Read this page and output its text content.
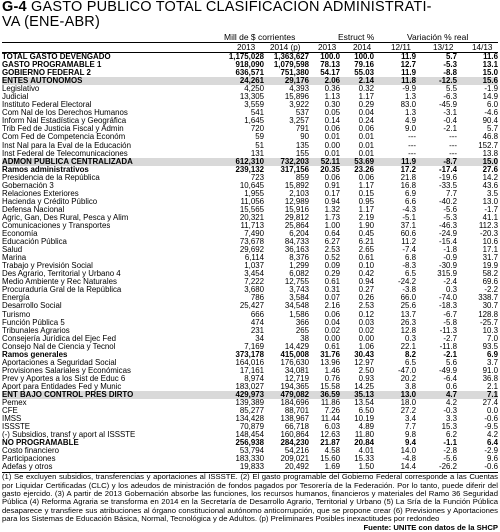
G-4 GASTO PÚBLICO TOTAL CLASIFICACIÓN ADMINISTRATI-
VA (ENE-ABR)
Mill de $ corrientes	Estruct %	Variación % real
2013 2014 (p) 2013 2014 12/11	13/12 14/13
TOTAL GASTO DEVENGADO	1,175,028	1,363,627	100.0	100.0	11.9	5.7	11.6
GASTO PROGRAMABLE 1	918,090	1,079,598	78.13	79.16	12.7	-5.3	13.1
GOBIERNO FEDERAL 2	636,571	751,380	54.17	55.03	11.9	-8.8	15.0
ENTES AUTÓNOMOS	24,261	29,176	2.06	2.14	11.8	-12.5	15.6
Legislativo	4,250	4,393	0.36	0.32	-9.9	5.5	-1.9
Judicial	13,305	15,896	1.13	1.17	1.3	-6.3	14.9
Instituto Federal Electoral	3,559	3,922	0.30	0.29	83.0	-45.9	6.0
Com Nal de los Derechos Humanos	541	537	0.05	0.04	1.3	-3.1	-4.6
Inform Nal Estadística y Geográfica	1,645	3,257	0.14	0.24	4.9	-0.4	90.4
Trib Fed de Justicia Fiscal y Admin	720	791	0.06	0.06	9.0	-2.1	5.7
Com Fed de Competencia Económ	59	90	0.01	0.01	---	---	46.8
Inst Nal para la Eval de la Educación	51	135	0.00	0.01	---	---	152.7
Inst Federal de Telecomunicaciones	131	155	0.01	0.01	---	---	13.8
ADMÓN PÚBLICA CENTRALIZADA	612,310	732,203	52.11	53.69	11.9	-8.7	15.0
Ramos administrativos	239,132	317,156	20.35	23.26	17.2	-17.4	27.6
Presidencia de la República	723	859	0.06	0.06	21.8	-19.6	14.2
Gobernación 3	10,645	15,892	0.91	1.17	16.8	-33.5	43.6
Relaciones Exteriores	1,955	2,103	0.17	0.15	6.9	7.7	3.5
Hacienda y Crédito Público	11,056	12,989	0.94	0.95	6.6	-40.2	13.0
Defensa Nacional	15,565	15,916	1.32	1.17	-4.3	-5.6	-1.7
Agric, Gan, Des Rural, Pesca y Alim	20,321	29,812	1.73	2.19	-5.1	-5.3	41.1
Comunicaciones y Transportes	11,713	25,864	1.00	1.90	37.1	-46.3	112.3
Economía	7,490	6,204	0.64	0.45	60.6	-24.9	-20.3
Educación Pública	73,678	84,733	6.27	6.21	11.2	-15.4	10.6
Salud	29,692	36,163	2.53	2.65	-7.4	-1.8	17.1
Marina	6,114	8,376	0.52	0.61	6.8	-0.9	31.7
Trabajo y Previsión Social	1,037	1,299	0.09	0.10	-8.3	-30.9	19.9
Des Agrario, Territorial y Urbano 4	3,454	6,082	0.29	0.42	6.5	315.9	58.2
Medio Ambiente y Rec Naturales	7,222	12,755	0.61	0.94	-24.2	-2.4	69.6
Procuraduría Gral de la República	3,680	3,743	0.31	0.27	-3.8	0.3	-2.2
Energía	786	3,584	0.07	0.26	66.0	-74.0	338.7
Desarrollo Social	25,427	34,548	2.16	2.53	25.6	-18.3	30.7
Turismo	666	1,586	0.06	0.12	13.7	-6.7	128.8
Función Pública 5	474	366	0.04	0.03	26.3	-5.8	-25.7
Tribunales Agrarios	231	265	0.02	0.02	12.8	-11.3	10.3
Consejería Jurídica del Ejec Fed	34	38	0.00	0.00	0.3	-2.7	7.0
Consejo Nal de Ciencia y Tecnol	7,169	14,429	0.61	1.06	22.1	-11.8	93.5
Ramos generales	373,178	415,008	31.76	30.43	8.2	-2.1	6.9
Aportaciones a Seguridad Social	164,016	176,630	13.96	12.97	6.5	5.6	3.7
Provisiones Salariales y Económicas	17,161	34,081	1.46	2.50	-47.0	-49.9	91.0
Prev y Aportes a los Sist de Educ 6	8,974	12,719	0.76	0.93	20.2	-6.4	36.8
Aport para Entidades Fed y Munic	183,027	194,365	15.58	14.25	3.8	0.6	2.1
ENT BAJO CONTROL PRES DIRTO	429,973	479,082	36.59	35.13	13.0	4.7	7.1
Pemex	139,389	184,696	11.86	13.54	18.0	4.2	27.4
CFE	85,277	88,701	7.26	6.50	27.2	-0.3	0.0
IMSS	134,428	138,967	11.44	10.19	3.4	3.3	-0.6
ISSSTE	70,879	66,718	6.03	4.89	7.7	15.3	-9.5
(-) Subsidios, transf y aport al ISSSTE	148,454	160,864	12.63	11.80	9.8	6.2	4.2
NO PROGRAMABLE	256,938	284,230	21.87	20.84	9.4	-1.1	6.4
Costo financiero	53,794	54,216	4.58	4.01	14.0	-2.8	-2.9
Participaciones	183,330	209,021	15.60	15.33	-4.8	-5.6	9.6
Adefas y otros	19,833	20,492	1.69	1.50	14.4	-26.2	-0.6
(1) Se excluyen subsidios, transferencias y aportaciones al ISSSTE. (2) El gasto programable del Gobierno Federal corresponde a las Cuentas por Liquidar Certificadas (CLC) y los adeudos de ministración de fondos pagados por Tesorería de la Federación. Por lo tanto, puede diferir del gasto ejercido. (3) A partir de 2013 Gobernación absorbe las funciones, los recursos humanos, financieros y materiales del Ramo 36 Seguridad Pública (4) Reforma Agraria se transforma en 2014 en la Secretaría de Desarrollo Agrario, Territorial y Urbano (5) La Sría de la Función Pública desaparece y transfiere sus atribuciones al órgano constitucional autónomo anticorrupción, que se propone crear (6) Previsiones y Aportaciones para los Sistemas de Educación Básica, Normal, Tecnológica y de Adultos. (p) Preliminares Posibles inexactitudes por redondeo
Fuente: UNITE con datos de la SHCP
